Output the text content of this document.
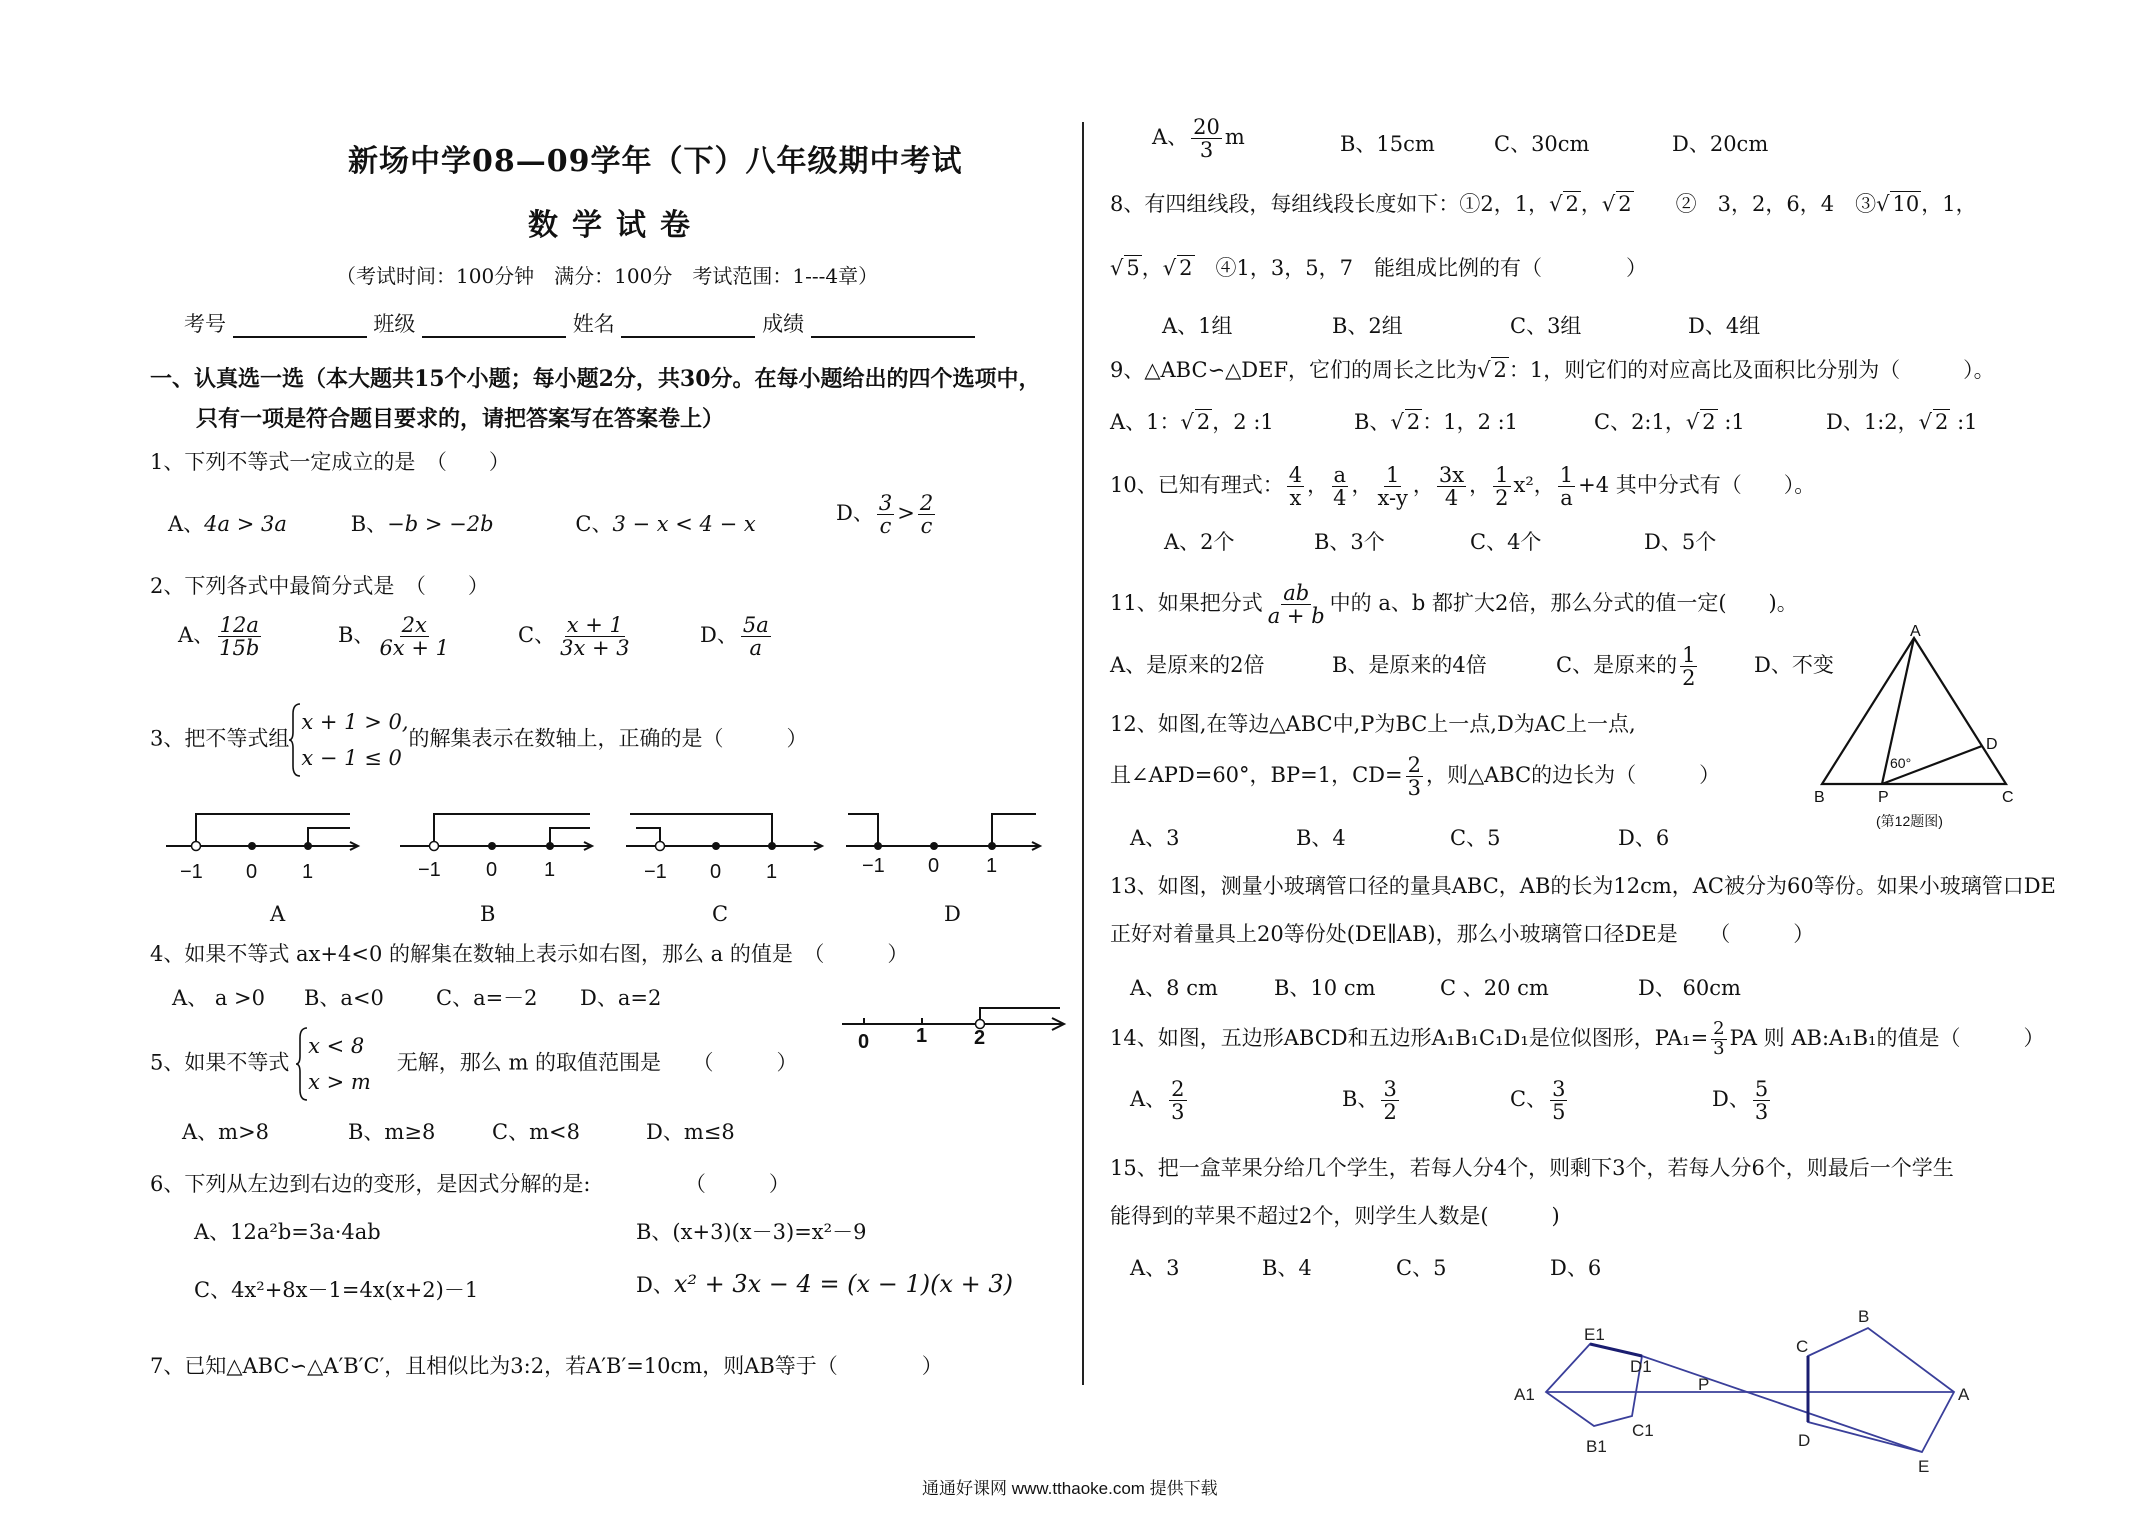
新场中学08—09学年（下）八年级期中考试
数学试卷
（考试时间：100分钟　满分：100分　考试范围：1---4章）
考号	班级	姓名	成绩
一、认真选一选（本大题共15个小题；每小题2分，共30分。在每小题给出的四个选项中，
只有一项是符合题目要求的，请把答案写在答案卷上）
1、下列不等式一定成立的是　（　　）
A、4a > 3a	B、−b > −2b	C、3 − x < 4 − x	D、 $\frac{3}{c} > \frac{2}{c}$
2、下列各式中最简分式是　（　　）
A、 $\frac{12a}{15b}$	B、 $\frac{2x}{6x + 1}$	C、 $\frac{x + 1}{3x + 3}$	D、 $\frac{5a}{a}$
3、把不等式组
x + 1 > 0,
x − 1 ≤ 0
的解集表示在数轴上，正确的是（　　　）
−1 0 1	−1 0 1	−1 0 1	−1 0 1
A	B	C	D
4、如果不等式 ax+4<0 的解集在数轴上表示如右图，那么 a 的值是　（　　　）
A、 a >0 B、a<0 C、a=－2 D、a=2
0 1 2
5、如果不等式
x < 8
x > m
无解，那么 m 的取值范围是　　（　　　）
A、m>8	B、m≥8	C、m<8	D、m≤8
6、下列从左边到右边的变形，是因式分解的是:　　　　　（　　　）
A、12a²b=3a·4ab	B、(x+3)(x－3)=x²－9
C、4x²+8x－1=4x(x+2)－1	D、x² + 3x − 4 = (x − 1)(x + 3)
7、已知△ABC∽△A′B′C′，且相似比为3:2，若A′B′=10cm，则AB等于（　　　　）
A、 $\frac{20}{3}$ m	B、15cm	C、30cm	D、20cm
8、有四组线段，每组线段长度如下：①2，1，√ 2，√ 2　　 ②　3，2，6，4　③√ 10，1，
√ 5，√ 2　 ④1，3，5，7　能组成比例的有（　　　　）
A、1组	B、2组	C、3组	D、4组
9、△ABC∽△DEF，它们的周长之比为√ 2：1，则它们的对应高比及面积比分别为（　　　）。
A、1：√ 2，2 :1	B、√ 2：1，2 :1	C、2:1，√ 2 :1	D、1:2，√ 2 :1
10、已知有理式： $\frac{4}{x}$ ， $\frac{a}{4}$ ， $\frac{1}{x-y}$ ， $\frac{3x}{4}$ ， $\frac{1}{2} x^2$， $\frac{1}{a} +4$ 其中分式有（　　）。
A、2个	B、3个	C、4个	D、5个
11、如果把分式 $\frac{ab}{a + b}$ 中的 a、b 都扩大2倍，那么分式的值一定(　　)。
A、是原来的2倍	B、是原来的4倍	C、是原来的 $\frac{1}{2}$	D、不变
12、如图,在等边△ABC中,P为BC上一点,D为AC上一点,
且∠APD=60°，BP=1，$CD= \frac{2}{3}$ ，则△ABC的边长为（　　　）
A、3	B、4	C、5	D、6
A
B	P	C
D
60°
(第12题图)
13、如图，测量小玻璃管口径的量具ABC，AB的长为12cm，AC被分为60等份。如果小玻璃管口DE
正好对着量具上20等份处(DE∥AB)，那么小玻璃管口径DE是　　（　　　）
A、8 cm	B、10 cm	C 、20 cm	D、 60cm
14、如图，五边形ABCD和五边形A₁B₁C₁D₁是位似图形，$PA_1= \frac{2}{3}$ PA 则 AB:A₁B₁的值是（　　　）
A、 $\frac{2}{3}$	B、 $\frac{3}{2}$	C、 $\frac{3}{5}$	D、 $\frac{5}{3}$
15、把一盒苹果分给几个学生，若每人分4个，则剩下3个，若每人分6个，则最后一个学生
能得到的苹果不超过2个，则学生人数是(　　　)
A、3	B、4	C、5	D、6
E1
D1
A1
C1
B1
P
C
B
A
D
E
通通好课网 www.tthaoke.com 提供下载
